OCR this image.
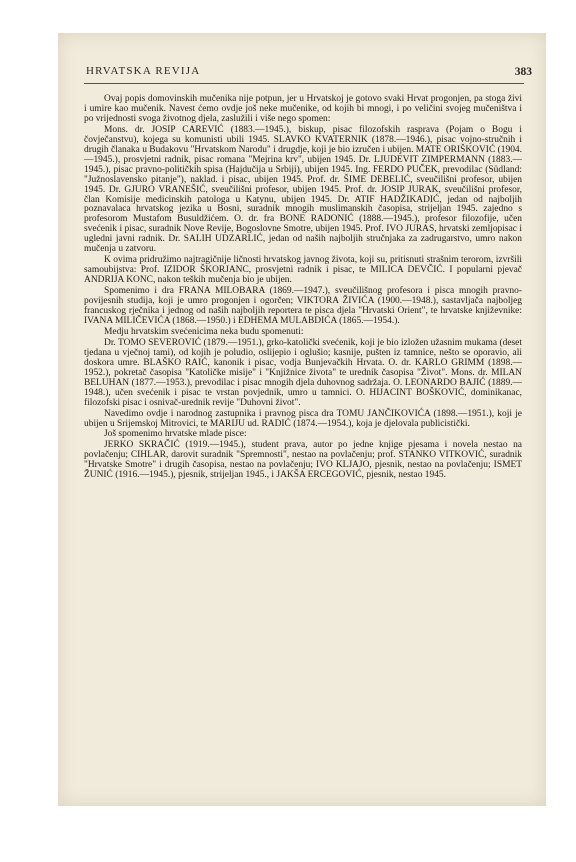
HRVATSKA REVIJA	383

Ovaj popis domovinskih mučenika nije potpun, jer u Hrvatskoj je gotovo svaki Hrvat progonjen, pa stoga živi i umire kao mučenik. Navest ćemo ovdje još neke mučenike, od kojih bi mnogi, i po veličini svojeg mučeništva i po vrijednosti svoga životnog djela, zaslužili i više nego spomen:

Mons. dr. JOSIP CAREVIĆ (1883.—1945.), biskup, pisac filozofskih rasprava (Pojam o Bogu i čovječanstvu), kojega su komunisti ubili 1945. SLAVKO KVATERNIK (1878.—1946.), pisac vojno-stručnih i drugih članaka u Budakovu "Hrvatskom Narodu" i drugdje, koji je bio izručen i ubijen. MATE ORIŠKOVIĆ (1904.—1945.), prosvjetni radnik, pisac romana "Mejrina krv", ubijen 1945. Dr. LJUDEVIT ZIMPERMANN (1883.—1945.), pisac pravno-političkih spisa (Hajdučija u Srbiji), ubijen 1945. Ing. FERDO PUČEK, prevodilac (Südland: "Južnoslavensko pitanje"), naklad. i pisac, ubijen 1945. Prof. dr. ŠIME DEBELIĆ, sveučilišni profesor, ubijen 1945. Dr. GJURO VRANEŠIĆ, sveučilišni profesor, ubijen 1945. Prof. dr. JOSIP JURAK, sveučilišni profesor, član Komisije medicinskih patologa u Katynu, ubijen 1945. Dr. ATIF HADŽIKADIĆ, jedan od najboljih poznavalaca hrvatskog jezika u Bosni, suradnik mnogih muslimanskih časopisa, strijeljan 1945. zajedno s profesorom Mustafom Busuldžićem. O. dr. fra BONE RADONIĆ (1888.—1945.), profesor filozofije, učen svećenik i pisac, suradnik Nove Revije, Bogoslovne Smotre, ubijen 1945. Prof. IVO JURAS, hrvatski zemljopisac i ugledni javni radnik. Dr. SALIH UDZARLIĆ, jedan od naših najboljih stručnjaka za zadrugarstvo, umro nakon mučenja u zatvoru.

K ovima pridružimo najtragičnije ličnosti hrvatskog javnog života, koji su, pritisnuti strašnim terorom, izvršili samoubijstva: Prof. IZIDOR ŠKORJANC, prosvjetni radnik i pisac, te MILICA DEVČIĆ. I popularni pjevač ANDRIJA KONC, nakon teških mučenja bio je ubijen.

Spomenimo i dra FRANA MILOBARA (1869.—1947.), sveučilišnog profesora i pisca mnogih pravno-povijesnih studija, koji je umro progonjen i ogorčen; VIKTORA ŽIVIĆA (1900.—1948.), sastavljača najboljeg francuskog rječnika i jednog od naših najboljih reportera te pisca djela "Hrvatski Orient", te hrvatske književnike: IVANA MILIČEVIĆA (1868.—1950.) i EDHEMA MULABDIĆA (1865.—1954.).

Medju hrvatskim svećenicima neka budu spomenuti:

Dr. TOMO SEVEROVIĆ (1879.—1951.), grko-katolički svećenik, koji je bio izložen užasnim mukama (deset tjedana u vječnoj tami), od kojih je poludio, oslijepio i oglušio; kasnije, pušten iz tamnice, nešto se oporavio, ali doskora umre. BLAŠKO RAIĆ, kanonik i pisac, vodja Bunjevačkih Hrvata. O. dr. KARLO GRIMM (1898.—1952.), pokretač časopisa "Katoličke misije" i "Knjižnice života" te urednik časopisa "Život". Mons. dr. MILAN BELUHAN (1877.—1953.), prevodilac i pisac mnogih djela duhovnog sadržaja. O. LEONARDO BAJIĆ (1889.—1948.), učen svećenik i pisac te vrstan povjednik, umro u tamnici. O. HIJACINT BOŠKOVIĆ, dominikanac, filozofski pisac i osnivač-urednik revije "Duhovni život".

Navedimo ovdje i narodnog zastupnika i pravnog pisca dra TOMU JANČIKOVIĆA (1898.—1951.), koji je ubijen u Srijemskoj Mitrovici, te MARIJU ud. RADIĆ (1874.—1954.), koja je djelovala publicistički.

Još spomenimo hrvatske mlade pisce:

JERKO SKRAČIĆ (1919.—1945.), student prava, autor po jedne knjige pjesama i novela nestao na povlačenju; CIHLAR, darovit suradnik "Spremnosti", nestao na povlačenju; prof. STANKO VITKOVIĆ, suradnik "Hrvatske Smotre" i drugih časopisa, nestao na povlačenju; IVO KLJAJO, pjesnik, nestao na povlačenju; ISMET ŽUNIĆ (1916.—1945.), pjesnik, strijeljan 1945., i JAKŠA ERCEGOVIĆ, pjesnik, nestao 1945.
